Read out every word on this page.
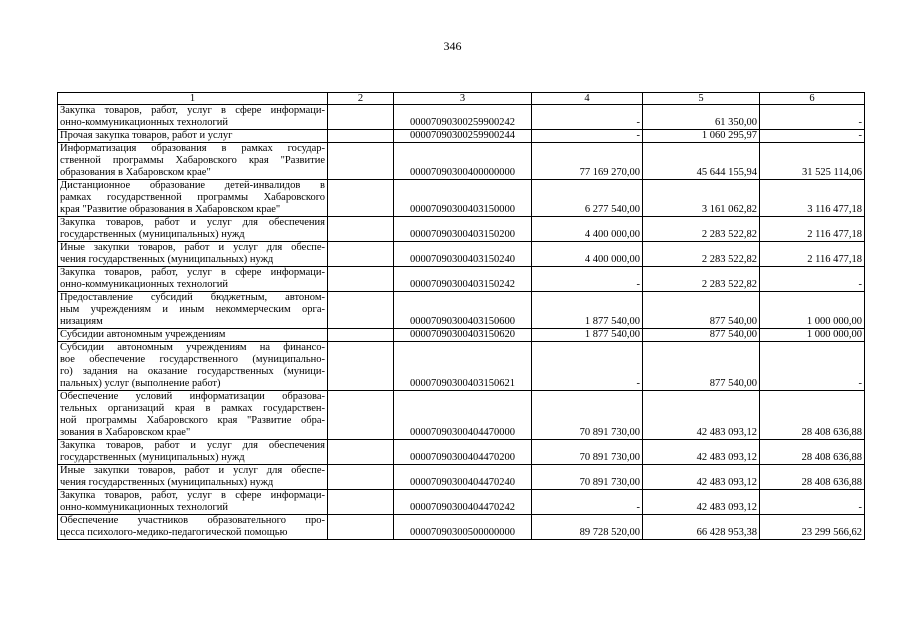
346
1	2	3	4	5	6

Закупка товаров, работ, услуг в сфере информаци-
онно-коммуникационных технологий		00007090300259900242	-	61 350,00	-

Прочая закупка товаров, работ и услуг		00007090300259900244	-	1 060 295,97	-

Информатизация образования в рамках государ-
ственной программы Хабаровского края "Развитие
образования в Хабаровском крае"		00007090300400000000	77 169 270,00	45 644 155,94	31 525 114,06

Дистанционное образование детей-инвалидов в
рамках государственной программы Хабаровского
края "Развитие образования в Хабаровском крае"		00007090300403150000	6 277 540,00	3 161 062,82	3 116 477,18

Закупка товаров, работ и услуг для обеспечения
государственных (муниципальных) нужд		00007090300403150200	4 400 000,00	2 283 522,82	2 116 477,18

Иные закупки товаров, работ и услуг для обеспе-
чения государственных (муниципальных) нужд		00007090300403150240	4 400 000,00	2 283 522,82	2 116 477,18

Закупка товаров, работ, услуг в сфере информаци-
онно-коммуникационных технологий		00007090300403150242	-	2 283 522,82	-

Предоставление субсидий бюджетным, автоном-
ным учреждениям и иным некоммерческим орга-
низациям		00007090300403150600	1 877 540,00	877 540,00	1 000 000,00

Субсидии автономным учреждениям		00007090300403150620	1 877 540,00	877 540,00	1 000 000,00

Субсидии автономным учреждениям на финансо-
вое обеспечение государственного (муниципально-
го) задания на оказание государственных (муници-
пальных) услуг (выполнение работ)		00007090300403150621	-	877 540,00	-

Обеспечение условий информатизации образова-
тельных организаций края в рамках государствен-
ной программы Хабаровского края "Развитие обра-
зования в Хабаровском крае"		00007090300404470000	70 891 730,00	42 483 093,12	28 408 636,88

Закупка товаров, работ и услуг для обеспечения
государственных (муниципальных) нужд		00007090300404470200	70 891 730,00	42 483 093,12	28 408 636,88

Иные закупки товаров, работ и услуг для обеспе-
чения государственных (муниципальных) нужд		00007090300404470240	70 891 730,00	42 483 093,12	28 408 636,88

Закупка товаров, работ, услуг в сфере информаци-
онно-коммуникационных технологий		00007090300404470242	-	42 483 093,12	-

Обеспечение участников образовательного про-
цесса психолого-медико-педагогической помощью		00007090300500000000	89 728 520,00	66 428 953,38	23 299 566,62
